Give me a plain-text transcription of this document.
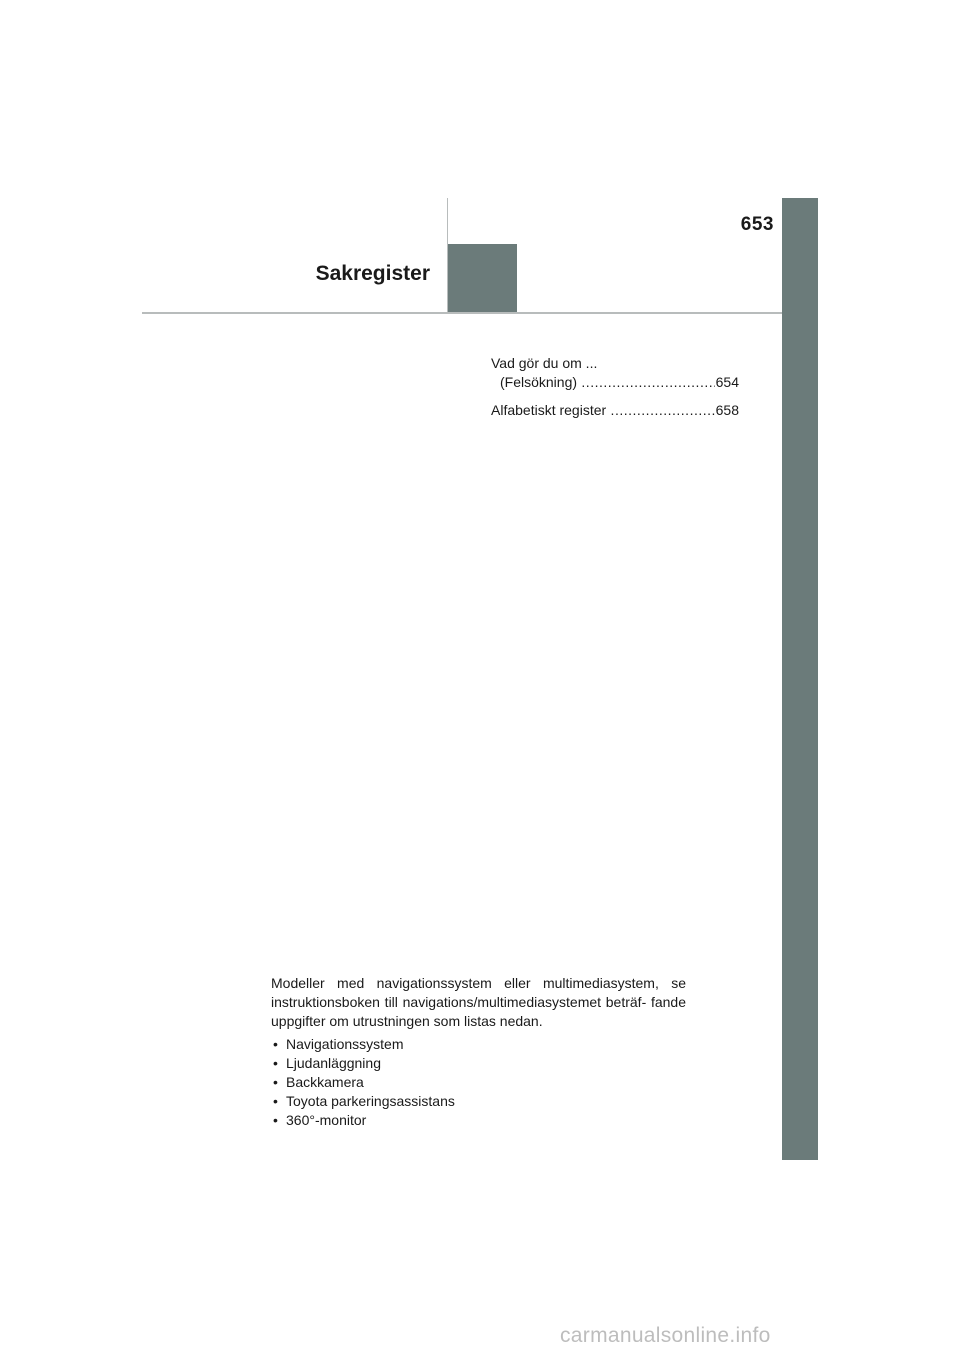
653
Sakregister
Vad gör du om ...
(Felsökning) .....	654
Alfabetiskt register .....	658

Modeller med navigationssystem eller multimediasystem, se instruktionsboken till navigations/multimediasystemet beträf- fande uppgifter om utrustningen som listas nedan.

• Navigationssystem
• Ljudanläggning
• Backkamera
• Toyota parkeringsassistans
• 360°-monitor
carmanualsonline.info
